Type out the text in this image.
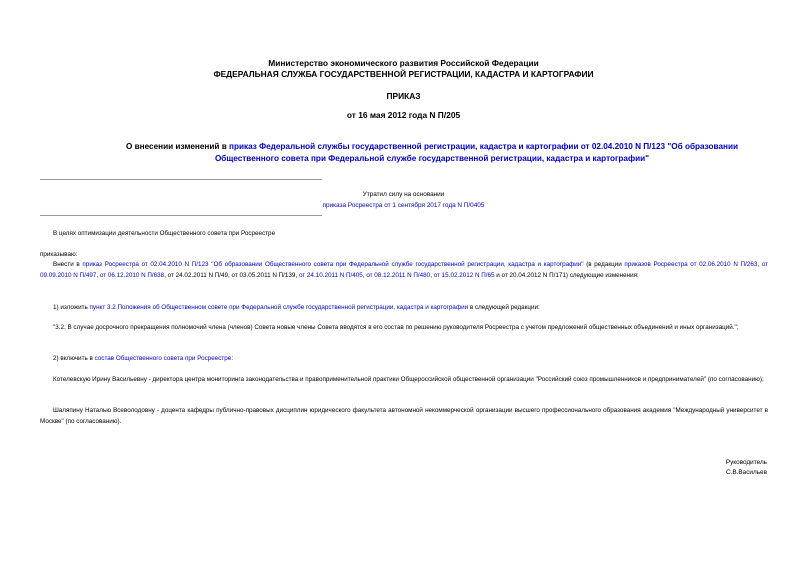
Министерство экономического развития Российской Федерации
ФЕДЕРАЛЬНАЯ СЛУЖБА ГОСУДАРСТВЕННОЙ РЕГИСТРАЦИИ, КАДАСТРА И КАРТОГРАФИИ
ПРИКАЗ
от 16 мая 2012 года N П/205
О внесении изменений в приказ Федеральной службы государственной регистрации, кадастра и картографии от 02.04.2010 N П/123 "Об образовании Общественного совета при Федеральной службе государственной регистрации, кадастра и картографии"
Утратил силу на основании
приказа Росреестра от 1 сентября 2017 года N П/0405
В целях оптимизации деятельности Общественного совета при Росреестре
приказываю:
Внести в приказ Росреестра от 02.04.2010 N П/123 "Об образовании Общественного совета при Федеральной службе государственной регистрации, кадастра и картографии" (в редакции приказов Росреестра от 02.06.2010 N П/263, от 09.09.2010 N П/497, от 06.12.2010 N П/638, от 24.02.2011 N П/49, от 03.05.2011 N П/139, от 24.10.2011 N П/405, от 08.12.2011 N П/480, от 15.02.2012 N П/65 и от 20.04.2012 N П/171) следующие изменения:
1) изложить пункт 3.2 Положения об Общественном совете при Федеральной службе государственной регистрации, кадастра и картографии в следующей редакции:
"3.2. В случае досрочного прекращения полномочий члена (членов) Совета новые члены Совета вводятся в его состав по решению руководителя Росреестра с учетом предложений общественных объединений и иных организаций.";
2) включить в состав Общественного совета при Росреестре:
Котелевскую Ирину Васильевну - директора центра мониторинга законодательства и правоприменительной практики Общероссийской общественной организации "Российский союз промышленников и предпринимателей" (по согласованию);
Шаляпину Наталью Всеволодовну - доцента кафедры публично-правовых дисциплин юридического факультета автономной некоммерческой организации высшего профессионального образования академия "Международный университет в Москве" (по согласованию).
Руководитель
С.В.Васильев
